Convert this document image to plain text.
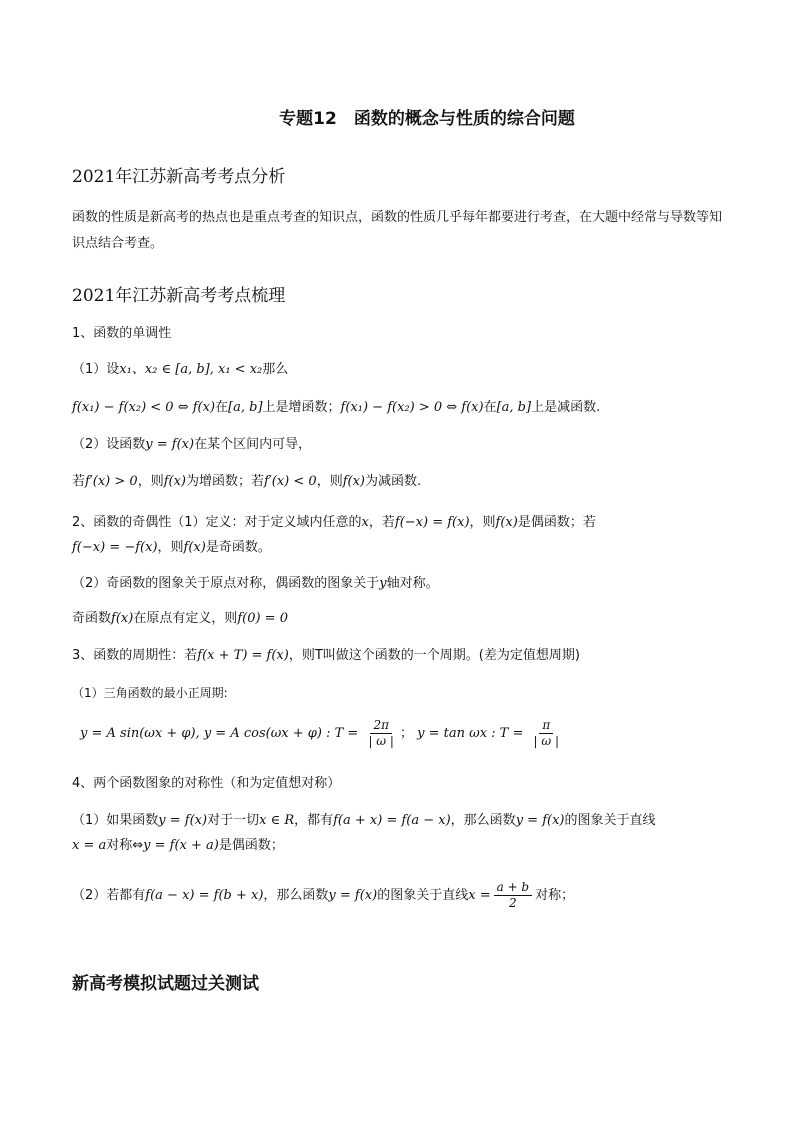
专题12　函数的概念与性质的综合问题
2021年江苏新高考考点分析
函数的性质是新高考的热点也是重点考查的知识点，函数的性质几乎每年都要进行考查，在大题中经常与导数等知识点结合考查。
2021年江苏新高考考点梳理
1、函数的单调性
（1）设x₁、x₂ ∈ [a, b], x₁ < x₂那么
f(x₁) − f(x₂) < 0 ⇔ f(x)在[a, b]上是增函数；f(x₁) − f(x₂) > 0 ⇔ f(x)在[a, b]上是减函数.
（2）设函数y = f(x)在某个区间内可导，
若f′(x) > 0，则f(x)为增函数；若f′(x) < 0，则f(x)为减函数.
2、函数的奇偶性（1）定义：对于定义域内任意的x，若f(−x) = f(x)，则f(x)是偶函数；若
f(−x) = −f(x)，则f(x)是奇函数。
（2）奇函数的图象关于原点对称，偶函数的图象关于y轴对称。
奇函数f(x)在原点有定义，则f(0) = 0
3、函数的周期性：若f(x + T) = f(x)，则T叫做这个函数的一个周期。(差为定值想周期)
（1）三角函数的最小正周期:
y = A sin(ωx + φ), y = A cos(ωx + φ) : $T = \frac{2\pi}{| \omega |}$ ； y = tan ωx : $T = \frac{\pi}{| \omega |}$
4、两个函数图象的对称性（和为定值想对称）
（1）如果函数y = f(x)对于一切x ∈ R，都有f(a + x) = f(a − x)，那么函数y = f(x)的图象关于直线
x = a对称⇔y = f(x + a)是偶函数；
（2）若都有f(a − x) = f(b + x)，那么函数y = f(x)的图象关于直线$x = \frac{a + b}{2}$ 对称；
新高考模拟试题过关测试
